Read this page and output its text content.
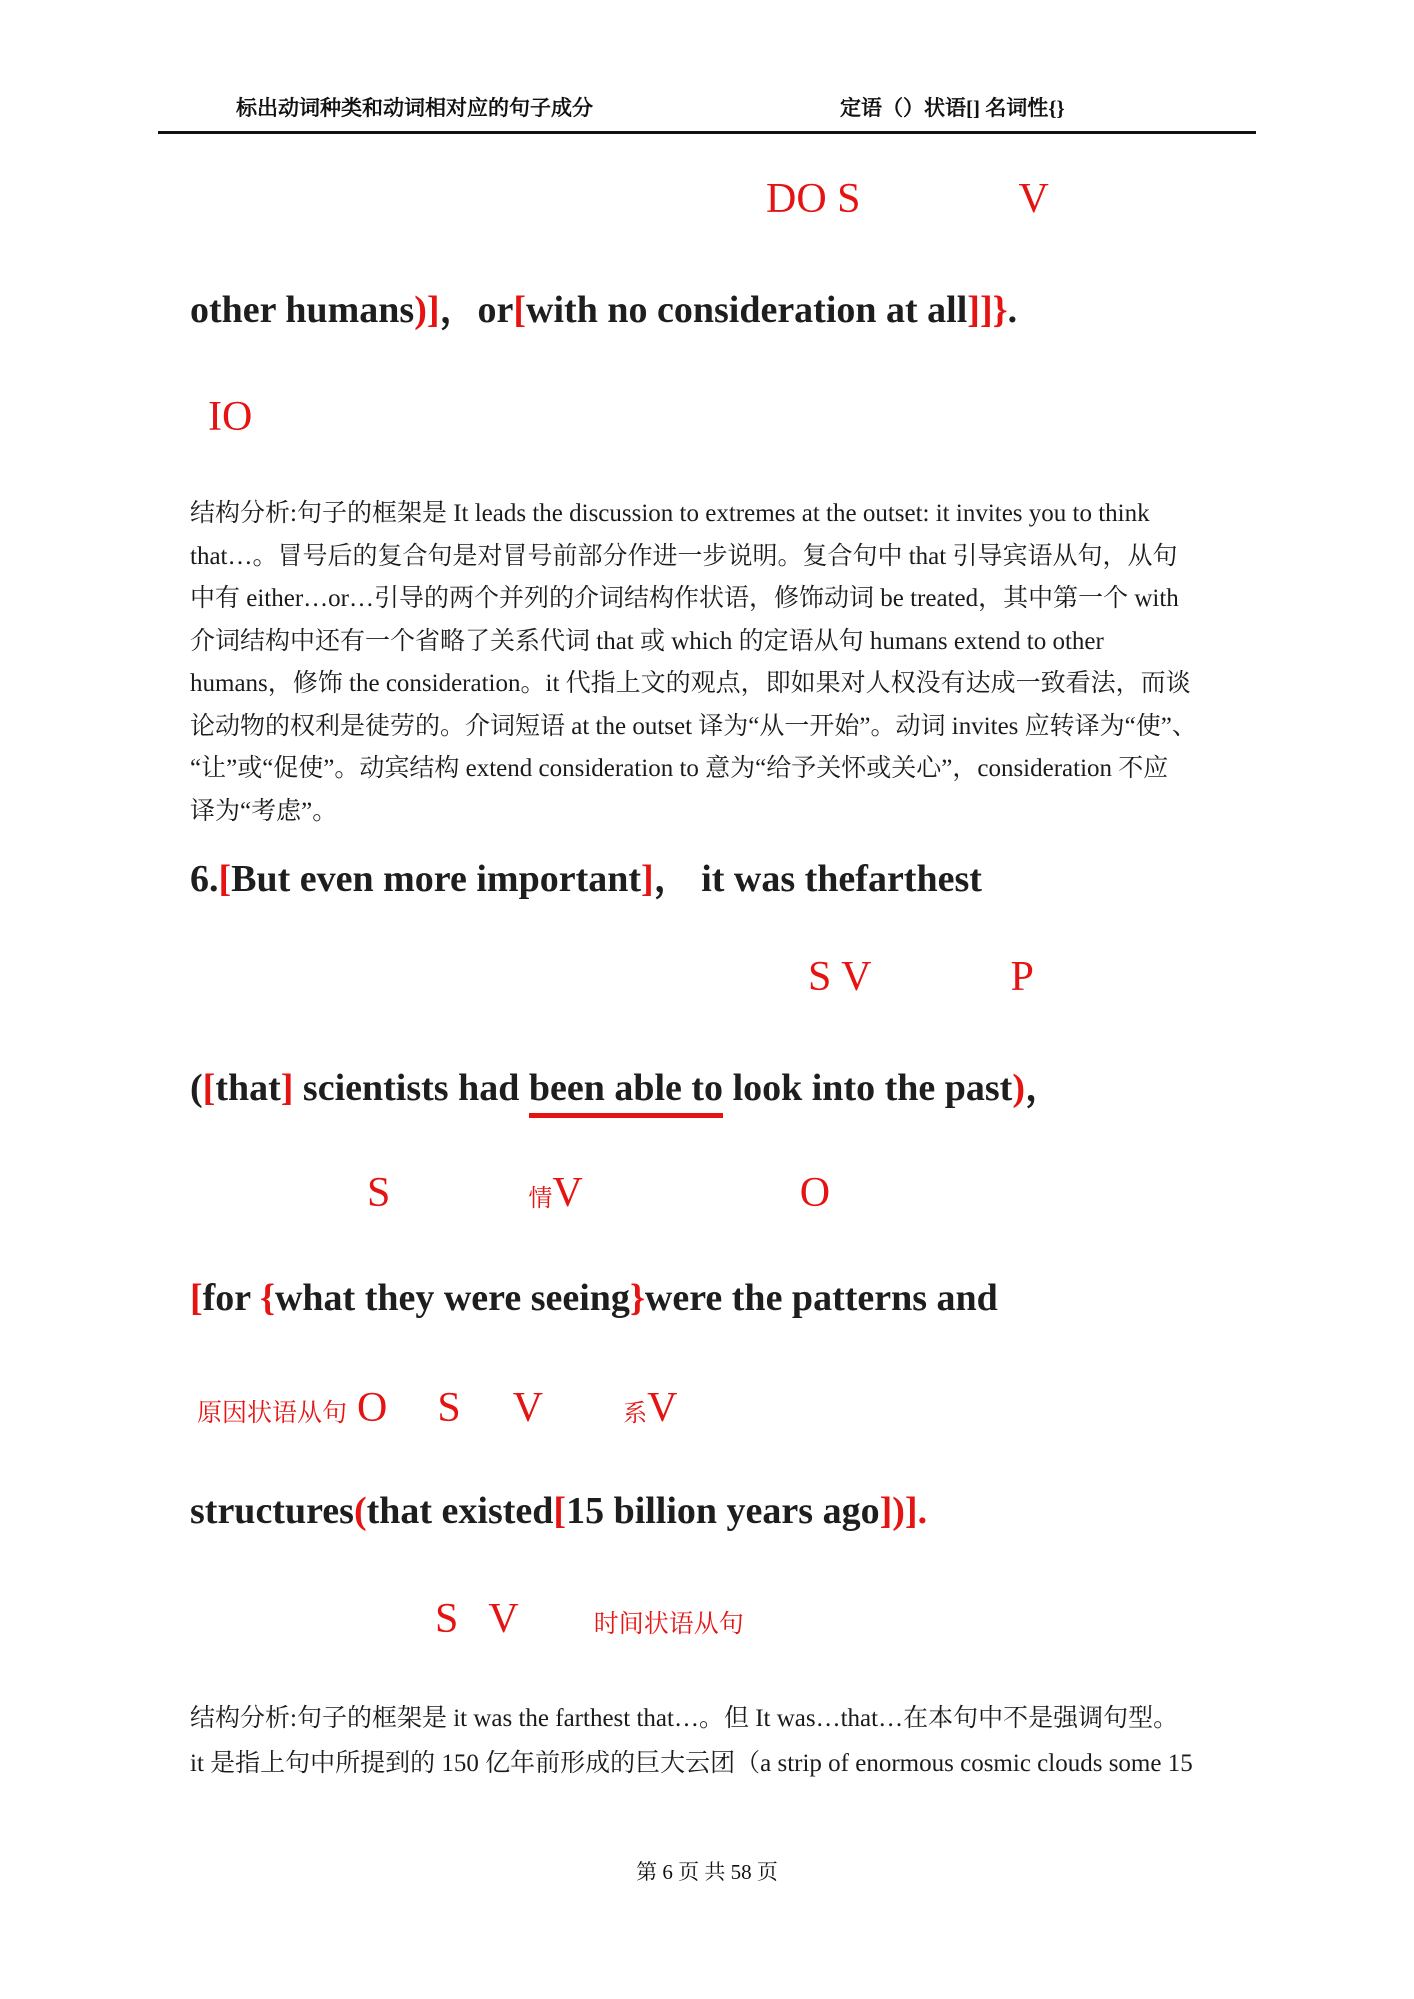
标出动词种类和动词相对应的句子成分	定语（）状语[] 名词性{}
DO S	V
other humans)]，or[with no consideration at all]]}.
IO
结构分析:句子的框架是 It leads the discussion to extremes at the outset: it invites you to think
that…。冒号后的复合句是对冒号前部分作进一步说明。复合句中 that 引导宾语从句，从句
中有 either…or…引导的两个并列的介词结构作状语，修饰动词 be treated，其中第一个 with
介词结构中还有一个省略了关系代词 that 或 which 的定语从句 humans extend to other
humans，修饰 the consideration。it 代指上文的观点，即如果对人权没有达成一致看法，而谈
论动物的权利是徒劳的。介词短语 at the outset 译为“从一开始”。动词 invites 应转译为“使”、
“让”或“促使”。动宾结构 extend consideration to 意为“给予关怀或关心”，consideration 不应
译为“考虑”。
6.[But even more important]， it was thefarthest
S V	P
([that] scientists had been able to look into the past)，
S	情 V	O
[for {what they were seeing}were the patterns and
原因状语从句 O S V	系 V
structures(that existed[15 billion years ago])].
S V	时间状语从句
结构分析:句子的框架是 it was the farthest that…。但 It was…that…在本句中不是强调句型。
it 是指上句中所提到的 150 亿年前形成的巨大云团（a strip of enormous cosmic clouds some 15
第 6 页 共 58 页
